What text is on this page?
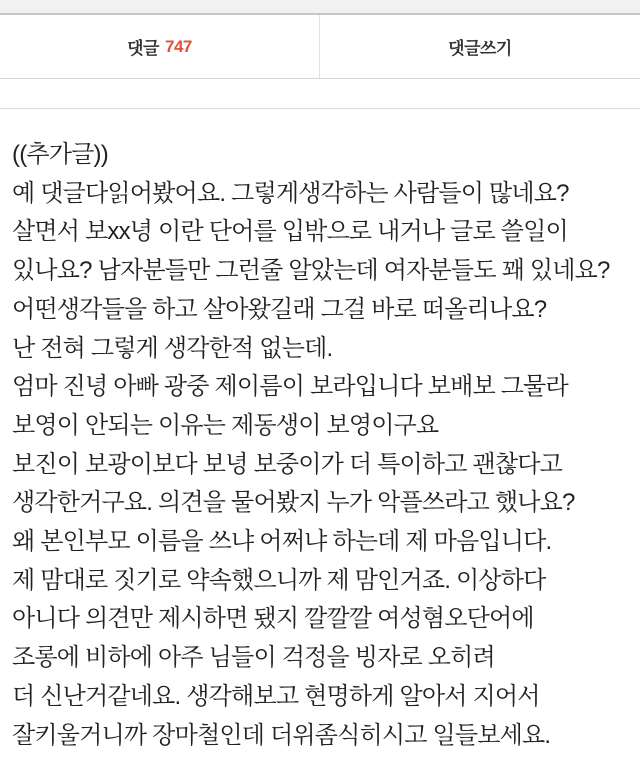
댓글 747	댓글쓰기

((추가글))

예 댓글다읽어봤어요. 그렇게생각하는 사람들이 많네요?

살면서 보xx녕 이란 단어를 입밖으로 내거나 글로 쓸일이

있나요? 남자분들만 그런줄 알았는데 여자분들도 꽤 있네요?

어떤생각들을 하고 살아왔길래 그걸 바로 떠올리나요?

난 전혀 그렇게 생각한적 없는데.

엄마 진녕 아빠 광중 제이름이 보라입니다 보배보 그물라

보영이 안되는 이유는 제동생이 보영이구요

보진이 보광이보다 보녕 보중이가 더 특이하고 괜찮다고

생각한거구요. 의견을 물어봤지 누가 악플쓰라고 했나요?

왜 본인부모 이름을 쓰냐 어쩌냐 하는데 제 마음입니다.

제 맘대로 짓기로 약속했으니까 제 맘인거죠. 이상하다

아니다 의견만 제시하면 됐지 깔깔깔 여성혐오단어에

조롱에 비하에 아주 님들이 걱정을 빙자로 오히려

더 신난거같네요. 생각해보고 현명하게 알아서 지어서

잘키울거니까 장마철인데 더위좀식히시고 일들보세요.
